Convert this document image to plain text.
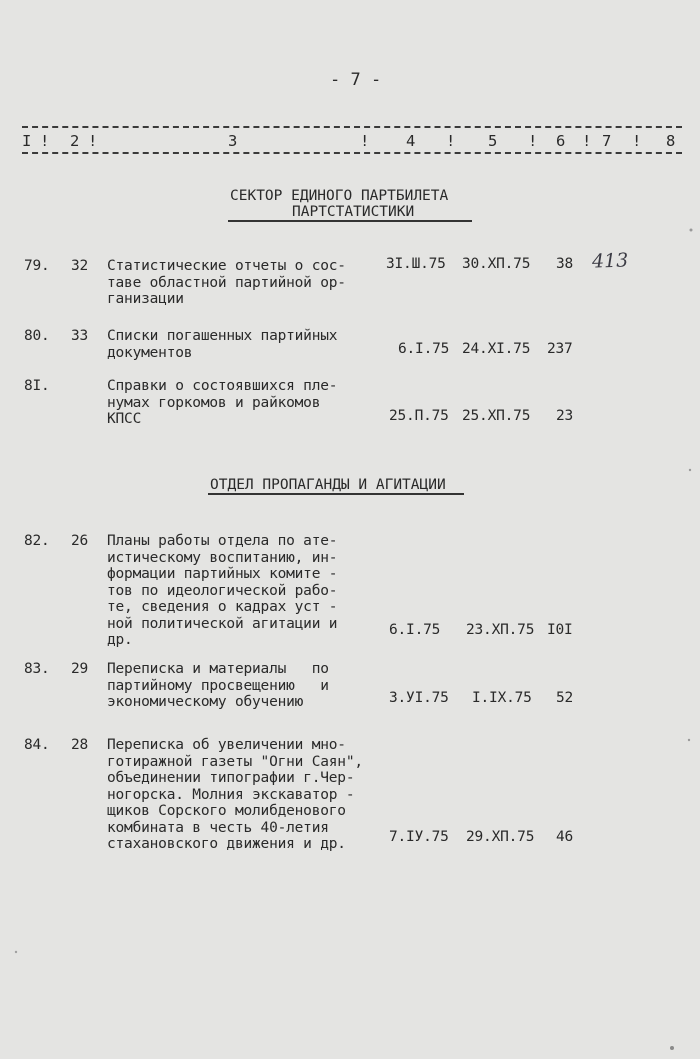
- 7 -
I ! 2 !	3	! 4 ! 5 ! 6 ! 7 ! 8
СЕКТОР ЕДИНОГО ПАРТБИЛЕТА
ПАРТСТАТИСТИКИ
79. 32 Статистические отчеты о сос-
таве областной партийной ор-
ганизации
3I.Ш.75 30.ХП.75 38 413
80. 33 Списки погашенных партийных
документов	6.I.75 24.XI.75 237
8I.	Справки о состоявшихся пле-
нумах горкомов и райкомов
КПСС	25.П.75 25.ХП.75 23
ОТДЕЛ ПРОПАГАНДЫ И АГИТАЦИИ
82. 26 Планы работы отдела по ате-
истическому воспитанию, ин-
формации партийных комите -
тов по идеологической рабо-
те, сведения о кадрах уст -
ной политической агитации и
др.
6.I.75 23.ХП.75 I0I
83. 29 Переписка и материалы   по
партийному просвещению   и
экономическому обучению	3.УI.75 I.IX.75 52
84. 28 Переписка об увеличении мно-
готиражной газеты "Огни Саян",
объединении типографии г.Чер-
ногорска. Молния экскаватор -
щиков Сорского молибденового
комбината в честь 40-летия
стахановского движения и др.	7.IУ.75 29.ХП.75 46
